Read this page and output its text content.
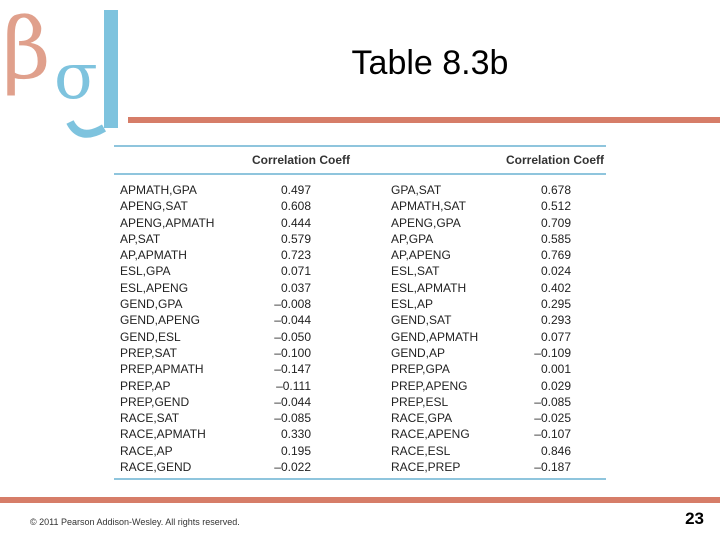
β σ	Table 8.3b
Correlation Coeff	Correlation Coeff
APMATH,GPA	0.497	GPA,SAT	0.678
APENG,SAT	0.608	APMATH,SAT	0.512
APENG,APMATH	0.444	APENG,GPA	0.709
AP,SAT	0.579	AP,GPA	0.585
AP,APMATH	0.723	AP,APENG	0.769
ESL,GPA	0.071	ESL,SAT	0.024
ESL,APENG	0.037	ESL,APMATH	0.402
GEND,GPA	–0.008	ESL,AP	0.295
GEND,APENG	–0.044	GEND,SAT	0.293
GEND,ESL	–0.050	GEND,APMATH	0.077
PREP,SAT	–0.100	GEND,AP	–0.109
PREP,APMATH	–0.147	PREP,GPA	0.001
PREP,AP	–0.111	PREP,APENG	0.029
PREP,GEND	–0.044	PREP,ESL	–0.085
RACE,SAT	–0.085	RACE,GPA	–0.025
RACE,APMATH	0.330	RACE,APENG	–0.107
RACE,AP	0.195	RACE,ESL	0.846
RACE,GEND	–0.022	RACE,PREP	–0.187
© 2011 Pearson Addison-Wesley. All rights reserved.	23
